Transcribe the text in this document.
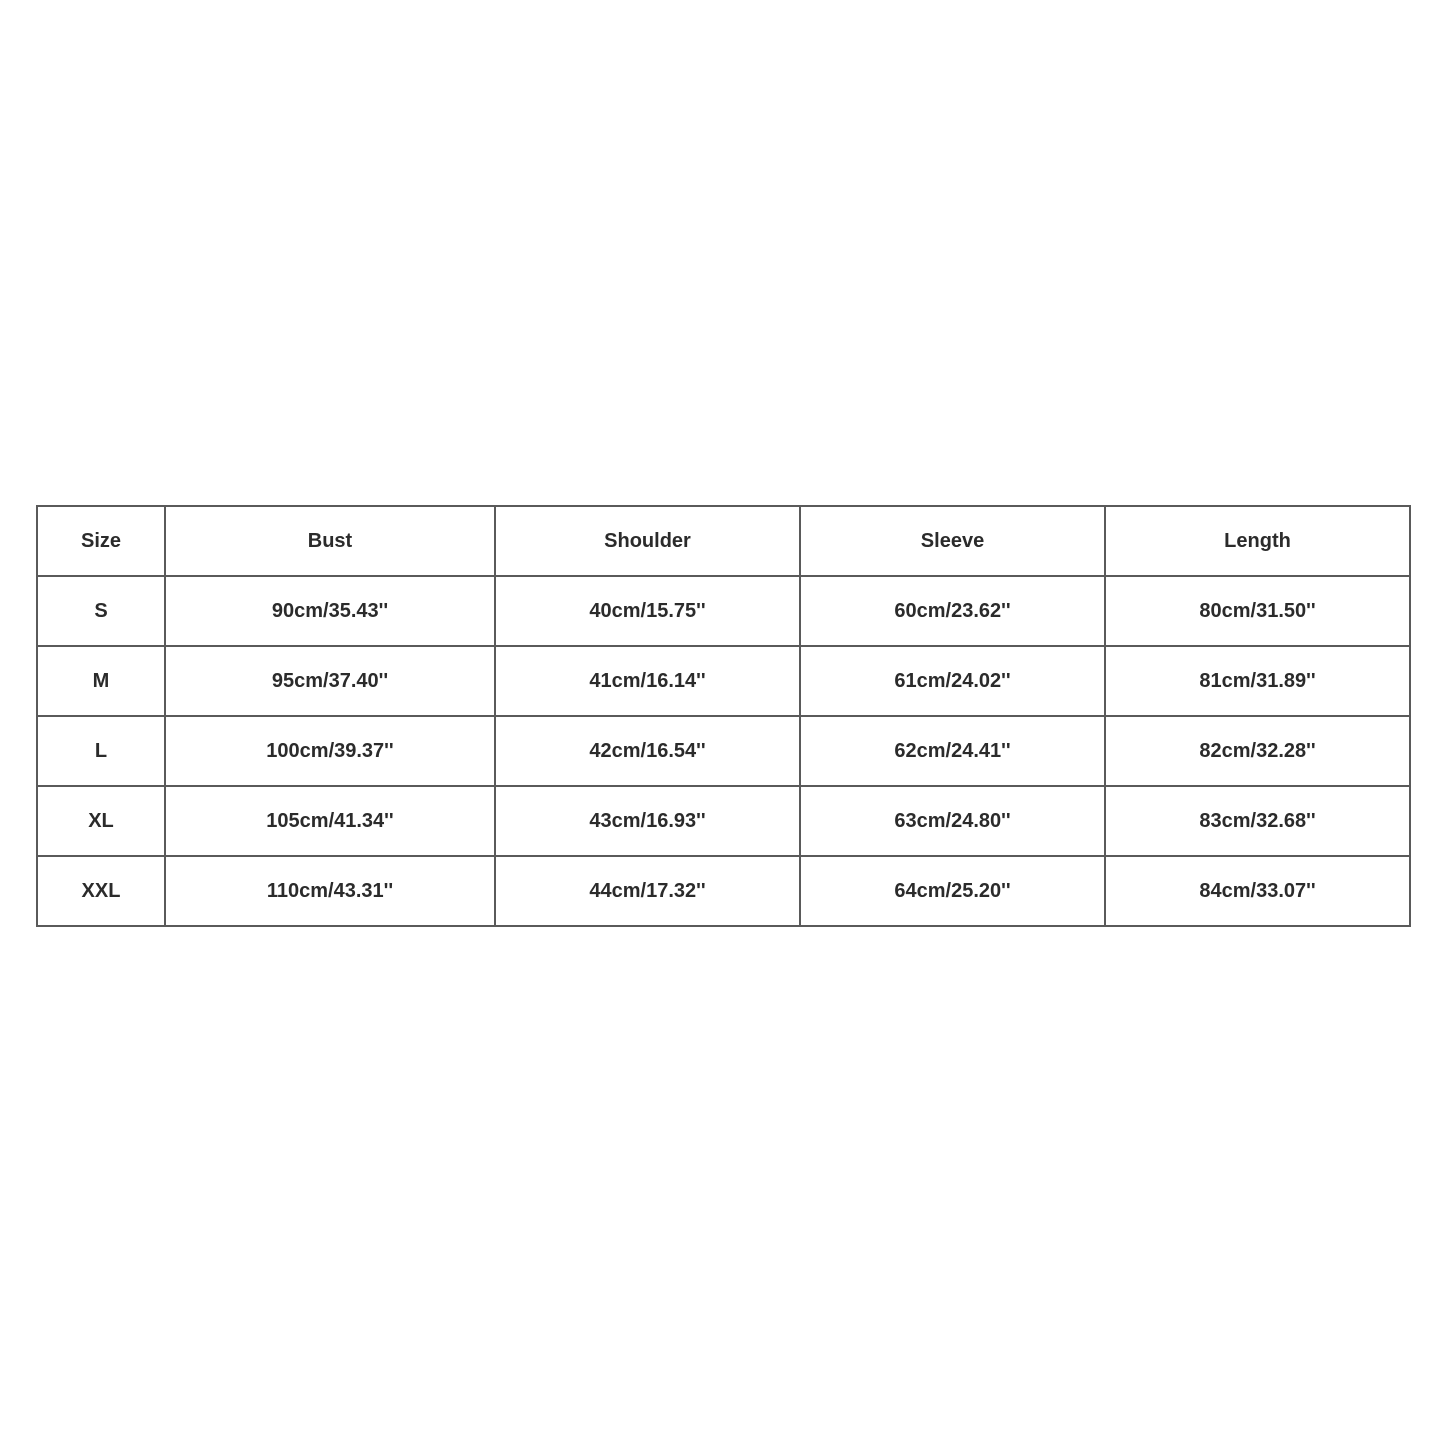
Size	Bust	Shoulder	Sleeve	Length
S	90cm/35.43''	40cm/15.75''	60cm/23.62''	80cm/31.50''
M	95cm/37.40''	41cm/16.14''	61cm/24.02''	81cm/31.89''
L	100cm/39.37''	42cm/16.54''	62cm/24.41''	82cm/32.28''
XL	105cm/41.34''	43cm/16.93''	63cm/24.80''	83cm/32.68''
XXL	110cm/43.31''	44cm/17.32''	64cm/25.20''	84cm/33.07''
